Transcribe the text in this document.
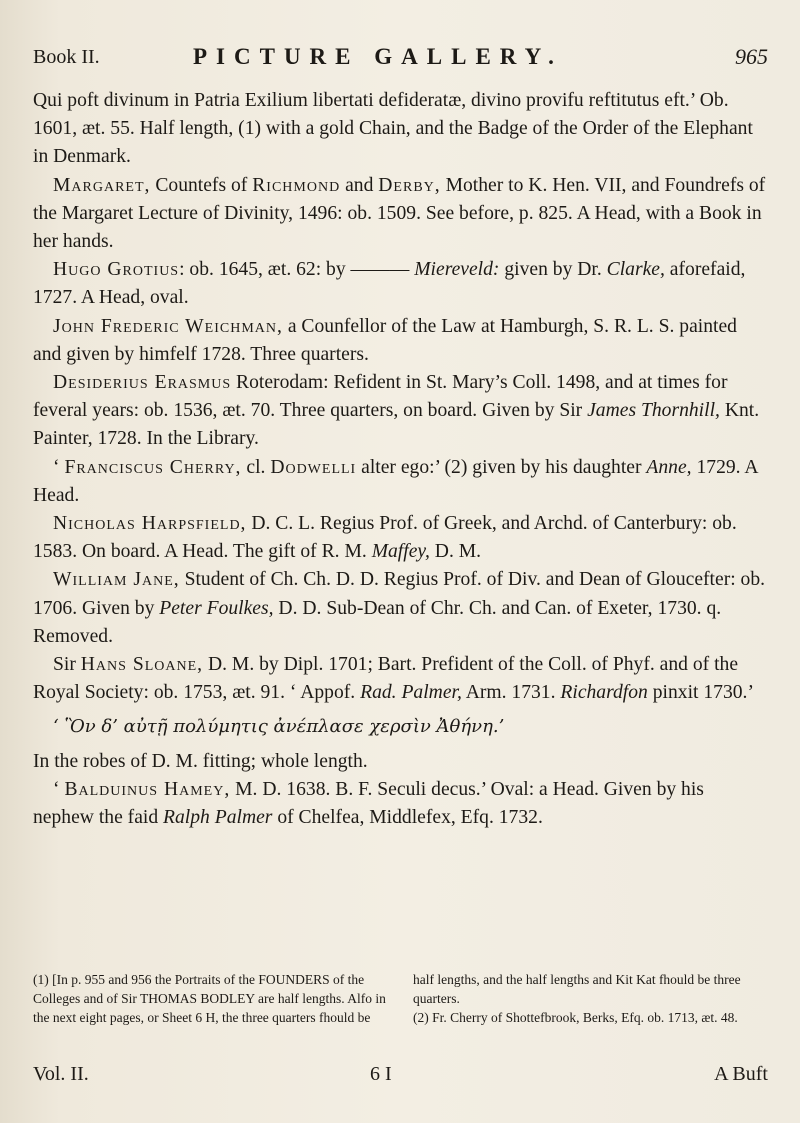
Book II.	PICTURE GALLERY.	965

Qui poft divinum in Patria Exilium libertati defideratæ, divino provifu reftitutus eft.’ Ob. 1601, æt. 55. Half length, (1) with a gold Chain, and the Badge of the Order of the Elephant in Denmark.

Margaret, Countefs of Richmond and Derby, Mother to K. Hen. VII, and Foundrefs of the Margaret Lecture of Divinity, 1496: ob. 1509. See before, p. 825. A Head, with a Book in her hands.

Hugo Grotius: ob. 1645, æt. 62: by ——— Miereveld: given by Dr. Clarke, aforefaid, 1727. A Head, oval.

John Frederic Weichman, a Counfellor of the Law at Hamburgh, S. R. L. S. painted and given by himfelf 1728. Three quarters.

Desiderius Erasmus Roterodam: Refident in St. Mary’s Coll. 1498, and at times for feveral years: ob. 1536, æt. 70. Three quarters, on board. Given by Sir James Thornhill, Knt. Painter, 1728. In the Library.

‘ Franciscus Cherry, cl. Dodwelli alter ego:’ (2) given by his daughter Anne, 1729. A Head.

Nicholas Harpsfield, D. C. L. Regius Prof. of Greek, and Archd. of Canterbury: ob. 1583. On board. A Head. The gift of R. M. Maffey, D. M.

William Jane, Student of Ch. Ch. D. D. Regius Prof. of Div. and Dean of Gloucefter: ob. 1706. Given by Peter Foulkes, D. D. Sub-Dean of Chr. Ch. and Can. of Exeter, 1730. q. Removed.

Sir Hans Sloane, D. M. by Dipl. 1701; Bart. Prefident of the Coll. of Phyf. and of the Royal Society: ob. 1753, æt. 91. ‘ Appof. Rad. Palmer, Arm. 1731. Richardfon pinxit 1730.’

‘ Ὃν δ’ αὐτῇ πολύμητις ἀνέπλασε χερσὶν Ἀθήνη.’

In the robes of D. M. fitting; whole length.

‘ Balduinus Hamey, M. D. 1638. B. F. Seculi decus.’ Oval: a Head. Given by his nephew the faid Ralph Palmer of Chelfea, Middlefex, Efq. 1732.

(1) [In p. 955 and 956 the Portraits of the FOUNDERS of the Colleges and of Sir THOMAS BODLEY are half lengths. Alfo in the next eight pages, or Sheet 6 H, the three quarters fhould be
half lengths, and the half lengths and Kit Kat fhould be three quarters.
(2) Fr. Cherry of Shottefbrook, Berks, Efq. ob. 1713, æt. 48.
Vol. II.	6 I	A Buft
